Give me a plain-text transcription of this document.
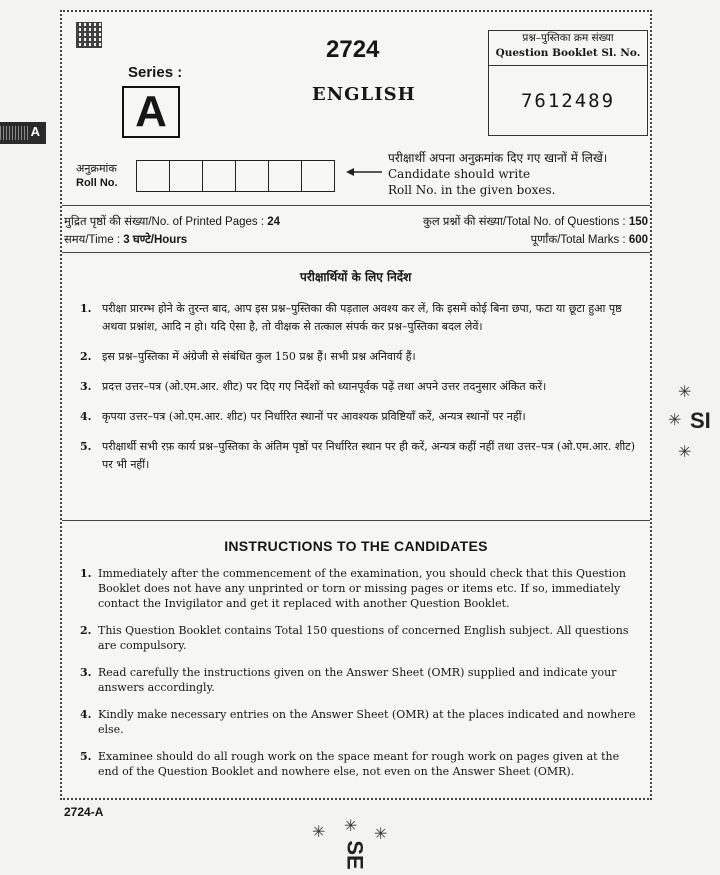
A
Series :
A
2724
ENGLISH
प्रश्न–पुस्तिका क्रम संख्या
Question Booklet Sl. No.
7612489
अनुक्रमांक
Roll No.
परीक्षार्थी अपना अनुक्रमांक दिए गए खानों में लिखें।
Candidate should write
Roll No. in the given boxes.
मुद्रित पृष्ठों की संख्या/No. of Printed Pages : 24
समय/Time : 3 घण्टे/Hours
कुल प्रश्नों की संख्या/Total No. of Questions : 150
पूर्णांक/Total Marks : 600
परीक्षार्थियों के लिए निर्देश
1. परीक्षा प्रारम्भ होने के तुरन्त बाद, आप इस प्रश्न–पुस्तिका की पड़ताल अवश्य कर लें, कि इसमें कोई बिना छपा, फटा या छूटा हुआ पृष्ठ अथवा प्रश्नांश, आदि न हो। यदि ऐसा है, तो वीक्षक से तत्काल संपर्क कर प्रश्न–पुस्तिका बदल लेवें।
2. इस प्रश्न–पुस्तिका में अंग्रेजी से संबंधित कुल 150 प्रश्न हैं। सभी प्रश्न अनिवार्य हैं।
3. प्रदत्त उत्तर–पत्र (ओ.एम.आर. शीट) पर दिए गए निर्देशों को ध्यानपूर्वक पढ़ें तथा अपने उत्तर तदनुसार अंकित करें।
4. कृपया उत्तर–पत्र (ओ.एम.आर. शीट) पर निर्धारित स्थानों पर आवश्यक प्रविष्टियाँ करें, अन्यत्र स्थानों पर नहीं।
5. परीक्षार्थी सभी रफ़ कार्य प्रश्न–पुस्तिका के अंतिम पृष्ठों पर निर्धारित स्थान पर ही करें, अन्यत्र कहीं नहीं तथा उत्तर–पत्र (ओ.एम.आर. शीट) पर भी नहीं।
INSTRUCTIONS TO THE CANDIDATES
1. Immediately after the commencement of the examination, you should check that this Question Booklet does not have any unprinted or torn or missing pages or items etc. If so, immediately contact the Invigilator and get it replaced with another Question Booklet.
2. This Question Booklet contains Total 150 questions of concerned English subject. All questions are compulsory.
3. Read carefully the instructions given on the Answer Sheet (OMR) supplied and indicate your answers accordingly.
4. Kindly make necessary entries on the Answer Sheet (OMR) at the places indicated and nowhere else.
5. Examinee should do all rough work on the space meant for rough work on pages given at the end of the Question Booklet and nowhere else, not even on the Answer Sheet (OMR).
2724-A
✳
✳ SI
✳
✳ ✳ ✳
SE
